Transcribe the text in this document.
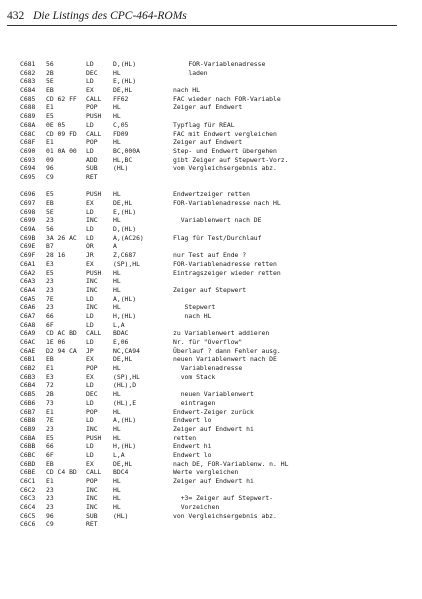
432 Die Listings des CPC-464-ROMs
C681	56	LD	D,(HL)	FOR-Variablenadresse
C682	2B	DEC	HL	laden
C683	5E	LD	E,(HL)
C684	EB	EX	DE,HL	nach HL
C685	CD 62 FF	CALL	FF62	FAC wieder nach FOR-Variable
C688	E1	POP	HL	Zeiger auf Endwert
C689	E5	PUSH	HL
C68A	0E 05	LD	C,05	Typflag für REAL
C68C	CD 09 FD	CALL	FD09	FAC mit Endwert vergleichen
C68F	E1	POP	HL	Zeiger auf Endwert
C690	01 0A 00	LD	BC,000A	Step- und Endwert übergehen
C693	09	ADD	HL,BC	gibt Zeiger auf Stepwert-Vorz.
C694	96	SUB	(HL)	vom Vergleichsergebnis abz.
C695	C9	RET
C696	E5	PUSH	HL	Endwertzeiger retten
C697	EB	EX	DE,HL	FOR-Variablenadresse nach HL
C698	5E	LD	E,(HL)
C699	23	INC	HL	Variablenwert nach DE
C69A	56	LD	D,(HL)
C69B	3A 26 AC	LD	A,(AC26)	Flag für Test/Durchlauf
C69E	B7	OR	A
C69F	28 16	JR	Z,C687	nur Test auf Ende ?
C6A1	E3	EX	(SP),HL	FOR-Variablenadresse retten
C6A2	E5	PUSH	HL	Eintragszeiger wieder retten
C6A3	23	INC	HL
C6A4	23	INC	HL	Zeiger auf Stepwert
C6A5	7E	LD	A,(HL)
C6A6	23	INC	HL	Stepwert
C6A7	66	LD	H,(HL)	nach HL
C6A8	6F	LD	L,A
C6A9	CD AC BD	CALL	BDAC	zu Variablenwert addieren
C6AC	1E 06	LD	E,06	Nr. für "Overflow"
C6AE	D2 94 CA	JP	NC,CA94	Überlauf ? dann Fehler ausg.
C6B1	EB	EX	DE,HL	neuen Variablenwert nach DE
C6B2	E1	POP	HL	Variablenadresse
C6B3	E3	EX	(SP),HL	vom Stack
C6B4	72	LD	(HL),D
C6B5	2B	DEC	HL	neuen Variablenwert
C6B6	73	LD	(HL),E	eintragen
C6B7	E1	POP	HL	Endwert-Zeiger zurück
C6B8	7E	LD	A,(HL)	Endwert lo
C6B9	23	INC	HL	Zeiger auf Endwert hi
C6BA	E5	PUSH	HL	retten
C6BB	66	LD	H,(HL)	Endwert hi
C6BC	6F	LD	L,A	Endwert lo
C6BD	EB	EX	DE,HL	nach DE, FOR-Variablenw. n. HL
C6BE	CD C4 BD	CALL	BDC4	Werte vergleichen
C6C1	E1	POP	HL	Zeiger auf Endwert hi
C6C2	23	INC	HL
C6C3	23	INC	HL	+3= Zeiger auf Stepwert-
C6C4	23	INC	HL	Vorzeichen
C6C5	96	SUB	(HL)	von Vergleichsergebnis abz.
C6C6	C9	RET
